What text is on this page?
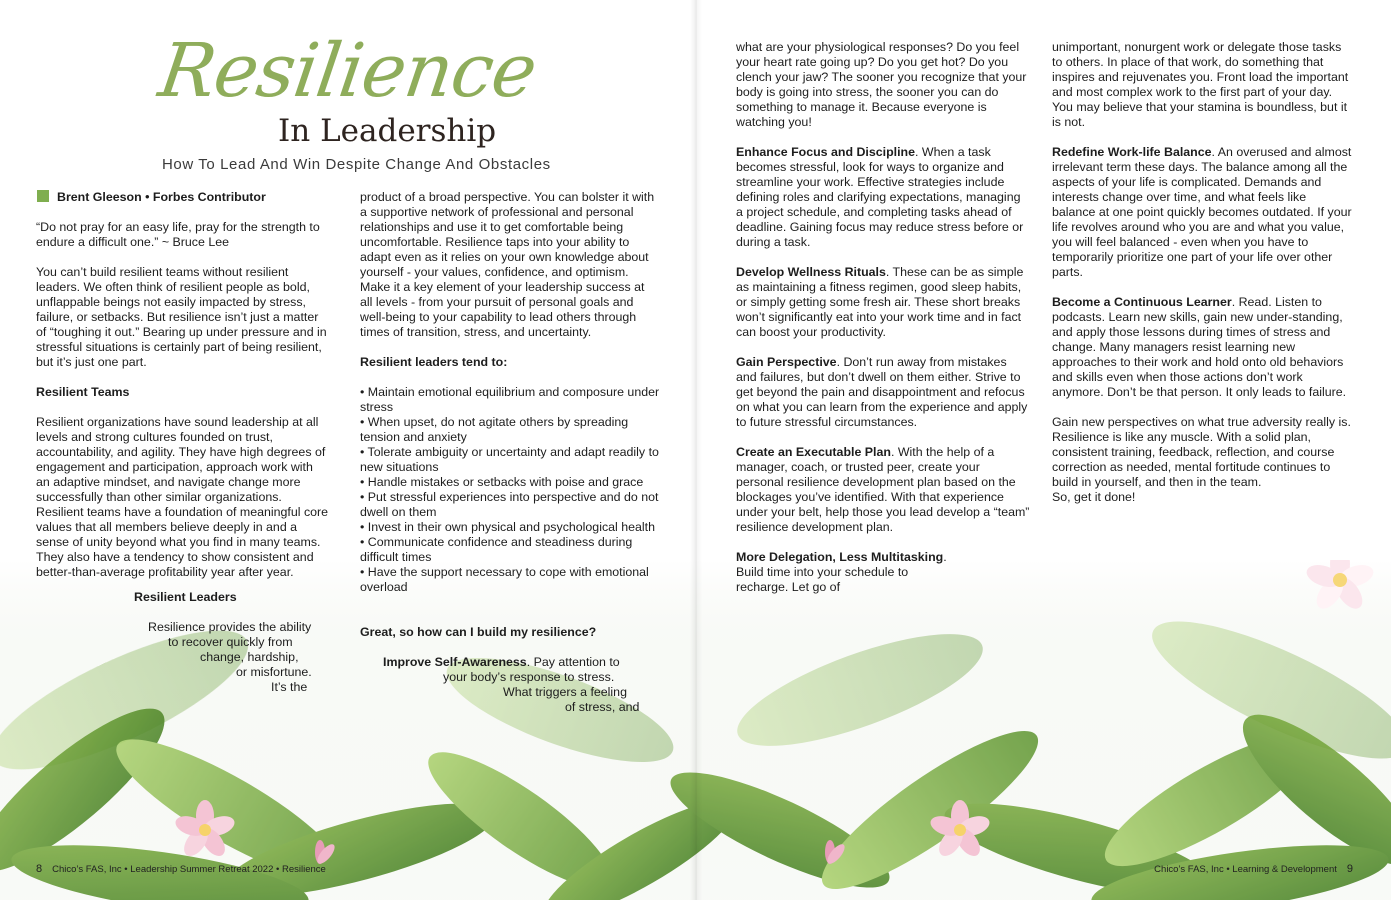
Resilience
In Leadership
How To Lead And Win Despite Change And Obstacles
Brent Gleeson • Forbes Contributor

“Do not pray for an easy life, pray for the strength to endure a difficult one.” ~ Bruce Lee

You can’t build resilient teams without resilient leaders. We often think of resilient people as bold, unflappable beings not easily impacted by stress, failure, or setbacks. But resilience isn’t just a matter of “toughing it out.” Bearing up under pressure and in stressful situations is certainly part of being resilient, but it’s just one part.

Resilient Teams

Resilient organizations have sound leadership at all levels and strong cultures founded on trust, accountability, and agility. They have high degrees of engagement and participation, approach work with an adaptive mindset, and navigate change more successfully than other similar organizations. Resilient teams have a foundation of meaningful core values that all members believe deeply in and a sense of unity beyond what you find in many teams. They also have a tendency to show consistent and better-than-average profitability year after year.

Resilient Leaders

Resilience provides the ability
to recover quickly from
change, hardship,
or misfortune.
It’s the

product of a broad perspective. You can bolster it with a supportive network of professional and personal relationships and use it to get comfortable being uncomfortable. Resilience taps into your ability to adapt even as it relies on your own knowledge about yourself - your values, confidence, and optimism. Make it a key element of your leadership success at all levels - from your pursuit of personal goals and well-being to your capability to lead others through times of transition, stress, and uncertainty.

Resilient leaders tend to:

• Maintain emotional equilibrium and composure under stress
• When upset, do not agitate others by spreading tension and anxiety
• Tolerate ambiguity or uncertainty and adapt readily to new situations
• Handle mistakes or setbacks with poise and grace
• Put stressful experiences into perspective and do not dwell on them
• Invest in their own physical and psychological health
• Communicate confidence and steadiness during difficult times
• Have the support necessary to cope with emotional overload

Great, so how can I build my resilience?

Improve Self-Awareness. Pay attention to
your body’s response to stress.
What triggers a feeling
of stress, and
8 Chico’s FAS, Inc • Leadership Summer Retreat 2022 • Resilience

what are your physiological responses? Do you feel your heart rate going up? Do you get hot? Do you clench your jaw? The sooner you recognize that your body is going into stress, the sooner you can do something to manage it. Because everyone is watching you!

Enhance Focus and Discipline. When a task becomes stressful, look for ways to organize and streamline your work. Effective strategies include defining roles and clarifying expectations, managing a project schedule, and completing tasks ahead of deadline. Gaining focus may reduce stress before or during a task.

Develop Wellness Rituals. These can be as simple as maintaining a fitness regimen, good sleep habits, or simply getting some fresh air. These short breaks won’t significantly eat into your work time and in fact can boost your productivity.

Gain Perspective. Don’t run away from mistakes and failures, but don’t dwell on them either. Strive to get beyond the pain and disappointment and refocus on what you can learn from the experience and apply to future stressful circumstances.

Create an Executable Plan. With the help of a manager, coach, or trusted peer, create your personal resilience development plan based on the blockages you’ve identified. With that experience under your belt, help those you lead develop a “team” resilience development plan.

More Delegation, Less Multitasking.
Build time into your schedule to
recharge. Let go of

unimportant, nonurgent work or delegate those tasks to others. In place of that work, do something that inspires and rejuvenates you. Front load the important and most complex work to the first part of your day. You may believe that your stamina is boundless, but it is not.

Redefine Work-life Balance. An overused and almost irrelevant term these days. The balance among all the aspects of your life is complicated. Demands and interests change over time, and what feels like balance at one point quickly becomes outdated. If your life revolves around who you are and what you value, you will feel balanced - even when you have to temporarily prioritize one part of your life over other parts.

Become a Continuous Learner. Read. Listen to podcasts. Learn new skills, gain new under-standing, and apply those lessons during times of stress and change. Many managers resist learning new approaches to their work and hold onto old behaviors and skills even when those actions don’t work anymore. Don’t be that person. It only leads to failure.

Gain new perspectives on what true adversity really is. Resilience is like any muscle. With a solid plan, consistent training, feedback, reflection, and course correction as needed, mental fortitude continues to build in yourself, and then in the team.
So, get it done!
Chico’s FAS, Inc • Learning & Development 9
